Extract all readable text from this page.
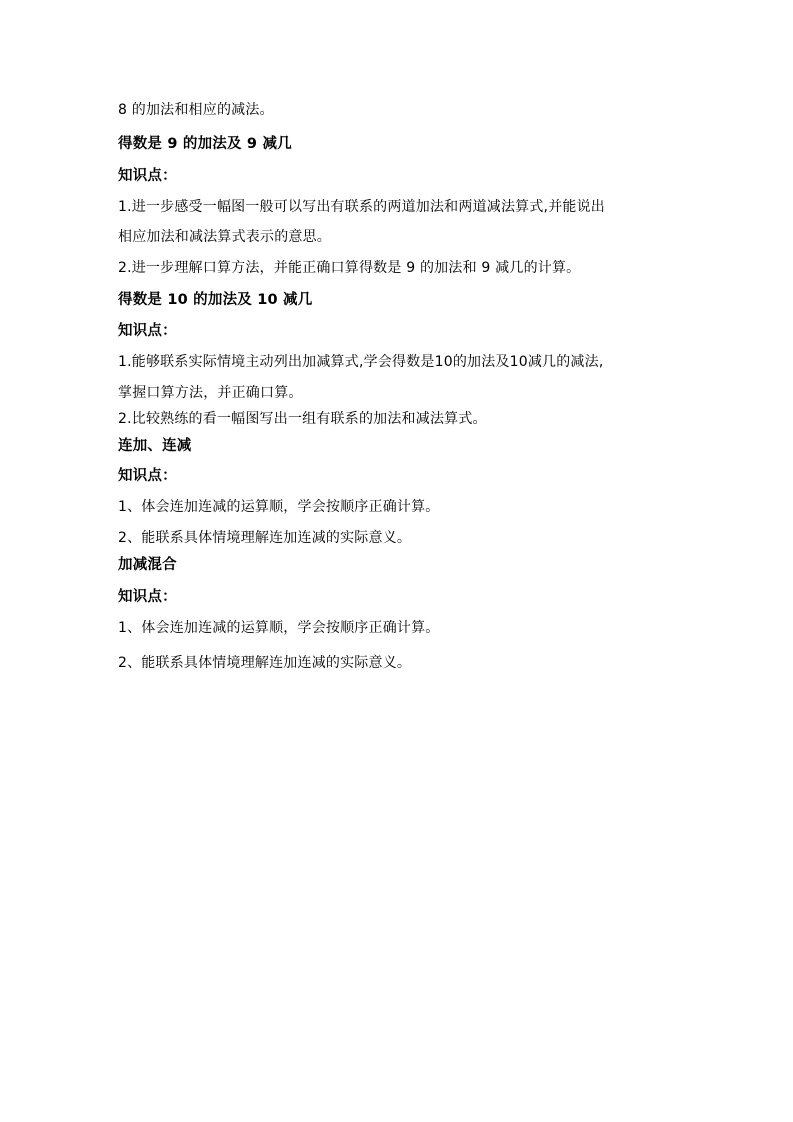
8 的加法和相应的减法。
得数是 9 的加法及 9 减几
知识点：
1.进一步感受一幅图一般可以写出有联系的两道加法和两道减法算式,并能说出
相应加法和减法算式表示的意思。
2.进一步理解口算方法，并能正确口算得数是 9 的加法和 9 减几的计算。
得数是 10 的加法及 10 减几
知识点：
1.能够联系实际情境主动列出加减算式,学会得数是10的加法及10减几的减法,
掌握口算方法，并正确口算。
2.比较熟练的看一幅图写出一组有联系的加法和减法算式。
连加、连减
知识点：
1、体会连加连减的运算顺，学会按顺序正确计算。
2、能联系具体情境理解连加连减的实际意义。
加减混合
知识点：
1、体会连加连减的运算顺，学会按顺序正确计算。
2、能联系具体情境理解连加连减的实际意义。
